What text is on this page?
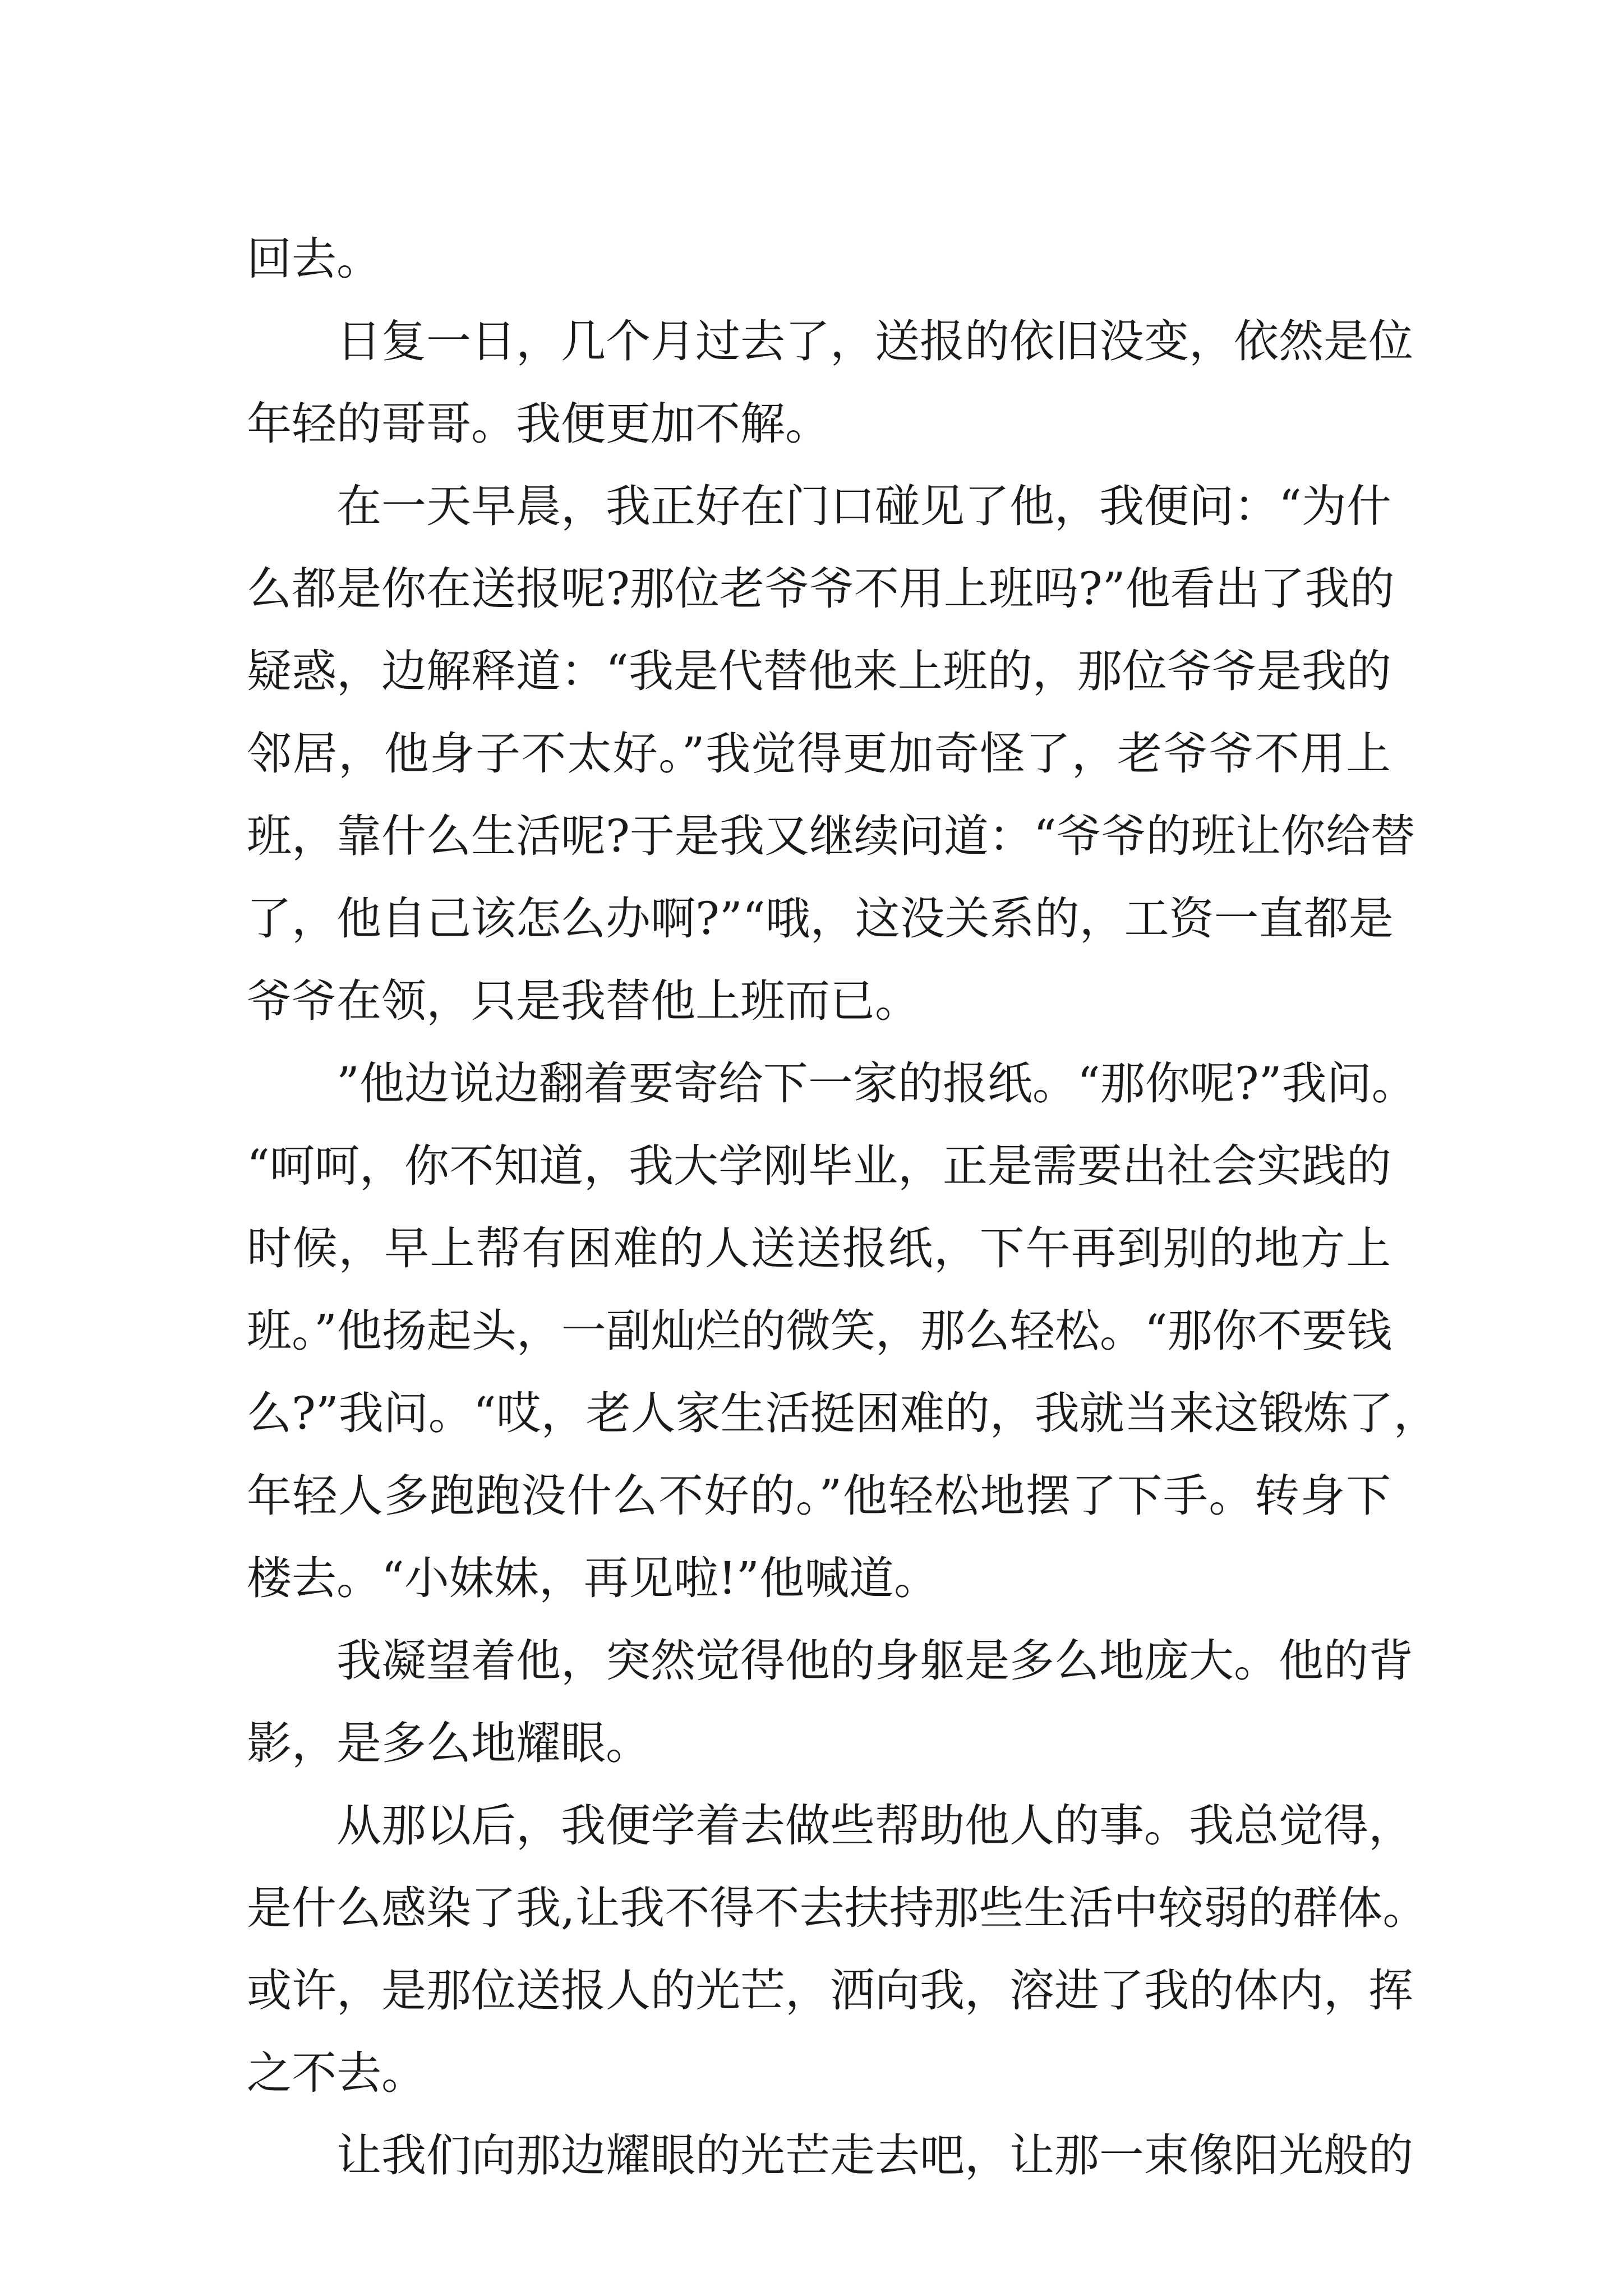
回去。
日复一日，几个月过去了，送报的依旧没变，依然是位
年轻的哥哥。我便更加不解。
在一天早晨，我正好在门口碰见了他，我便问：“为什
么都是你在送报呢?那位老爷爷不用上班吗?”他看出了我的
疑惑，边解释道：“我是代替他来上班的，那位爷爷是我的
邻居，他身子不太好。”我觉得更加奇怪了，老爷爷不用上
班，靠什么生活呢?于是我又继续问道：“爷爷的班让你给替
了，他自己该怎么办啊?”“哦，这没关系的，工资一直都是
爷爷在领，只是我替他上班而已。
”他边说边翻着要寄给下一家的报纸。“那你呢?”我问。
“呵呵，你不知道，我大学刚毕业，正是需要出社会实践的
时候，早上帮有困难的人送送报纸，下午再到别的地方上
班。”他扬起头，一副灿烂的微笑，那么轻松。“那你不要钱
么?”我问。“哎，老人家生活挺困难的，我就当来这锻炼了，
年轻人多跑跑没什么不好的。”他轻松地摆了下手。转身下
楼去。“小妹妹，再见啦!”他喊道。
我凝望着他，突然觉得他的身躯是多么地庞大。他的背
影，是多么地耀眼。
从那以后，我便学着去做些帮助他人的事。我总觉得，
是什么感染了我,让我不得不去扶持那些生活中较弱的群体。
或许，是那位送报人的光芒，洒向我，溶进了我的体内，挥
之不去。
让我们向那边耀眼的光芒走去吧，让那一束像阳光般的
